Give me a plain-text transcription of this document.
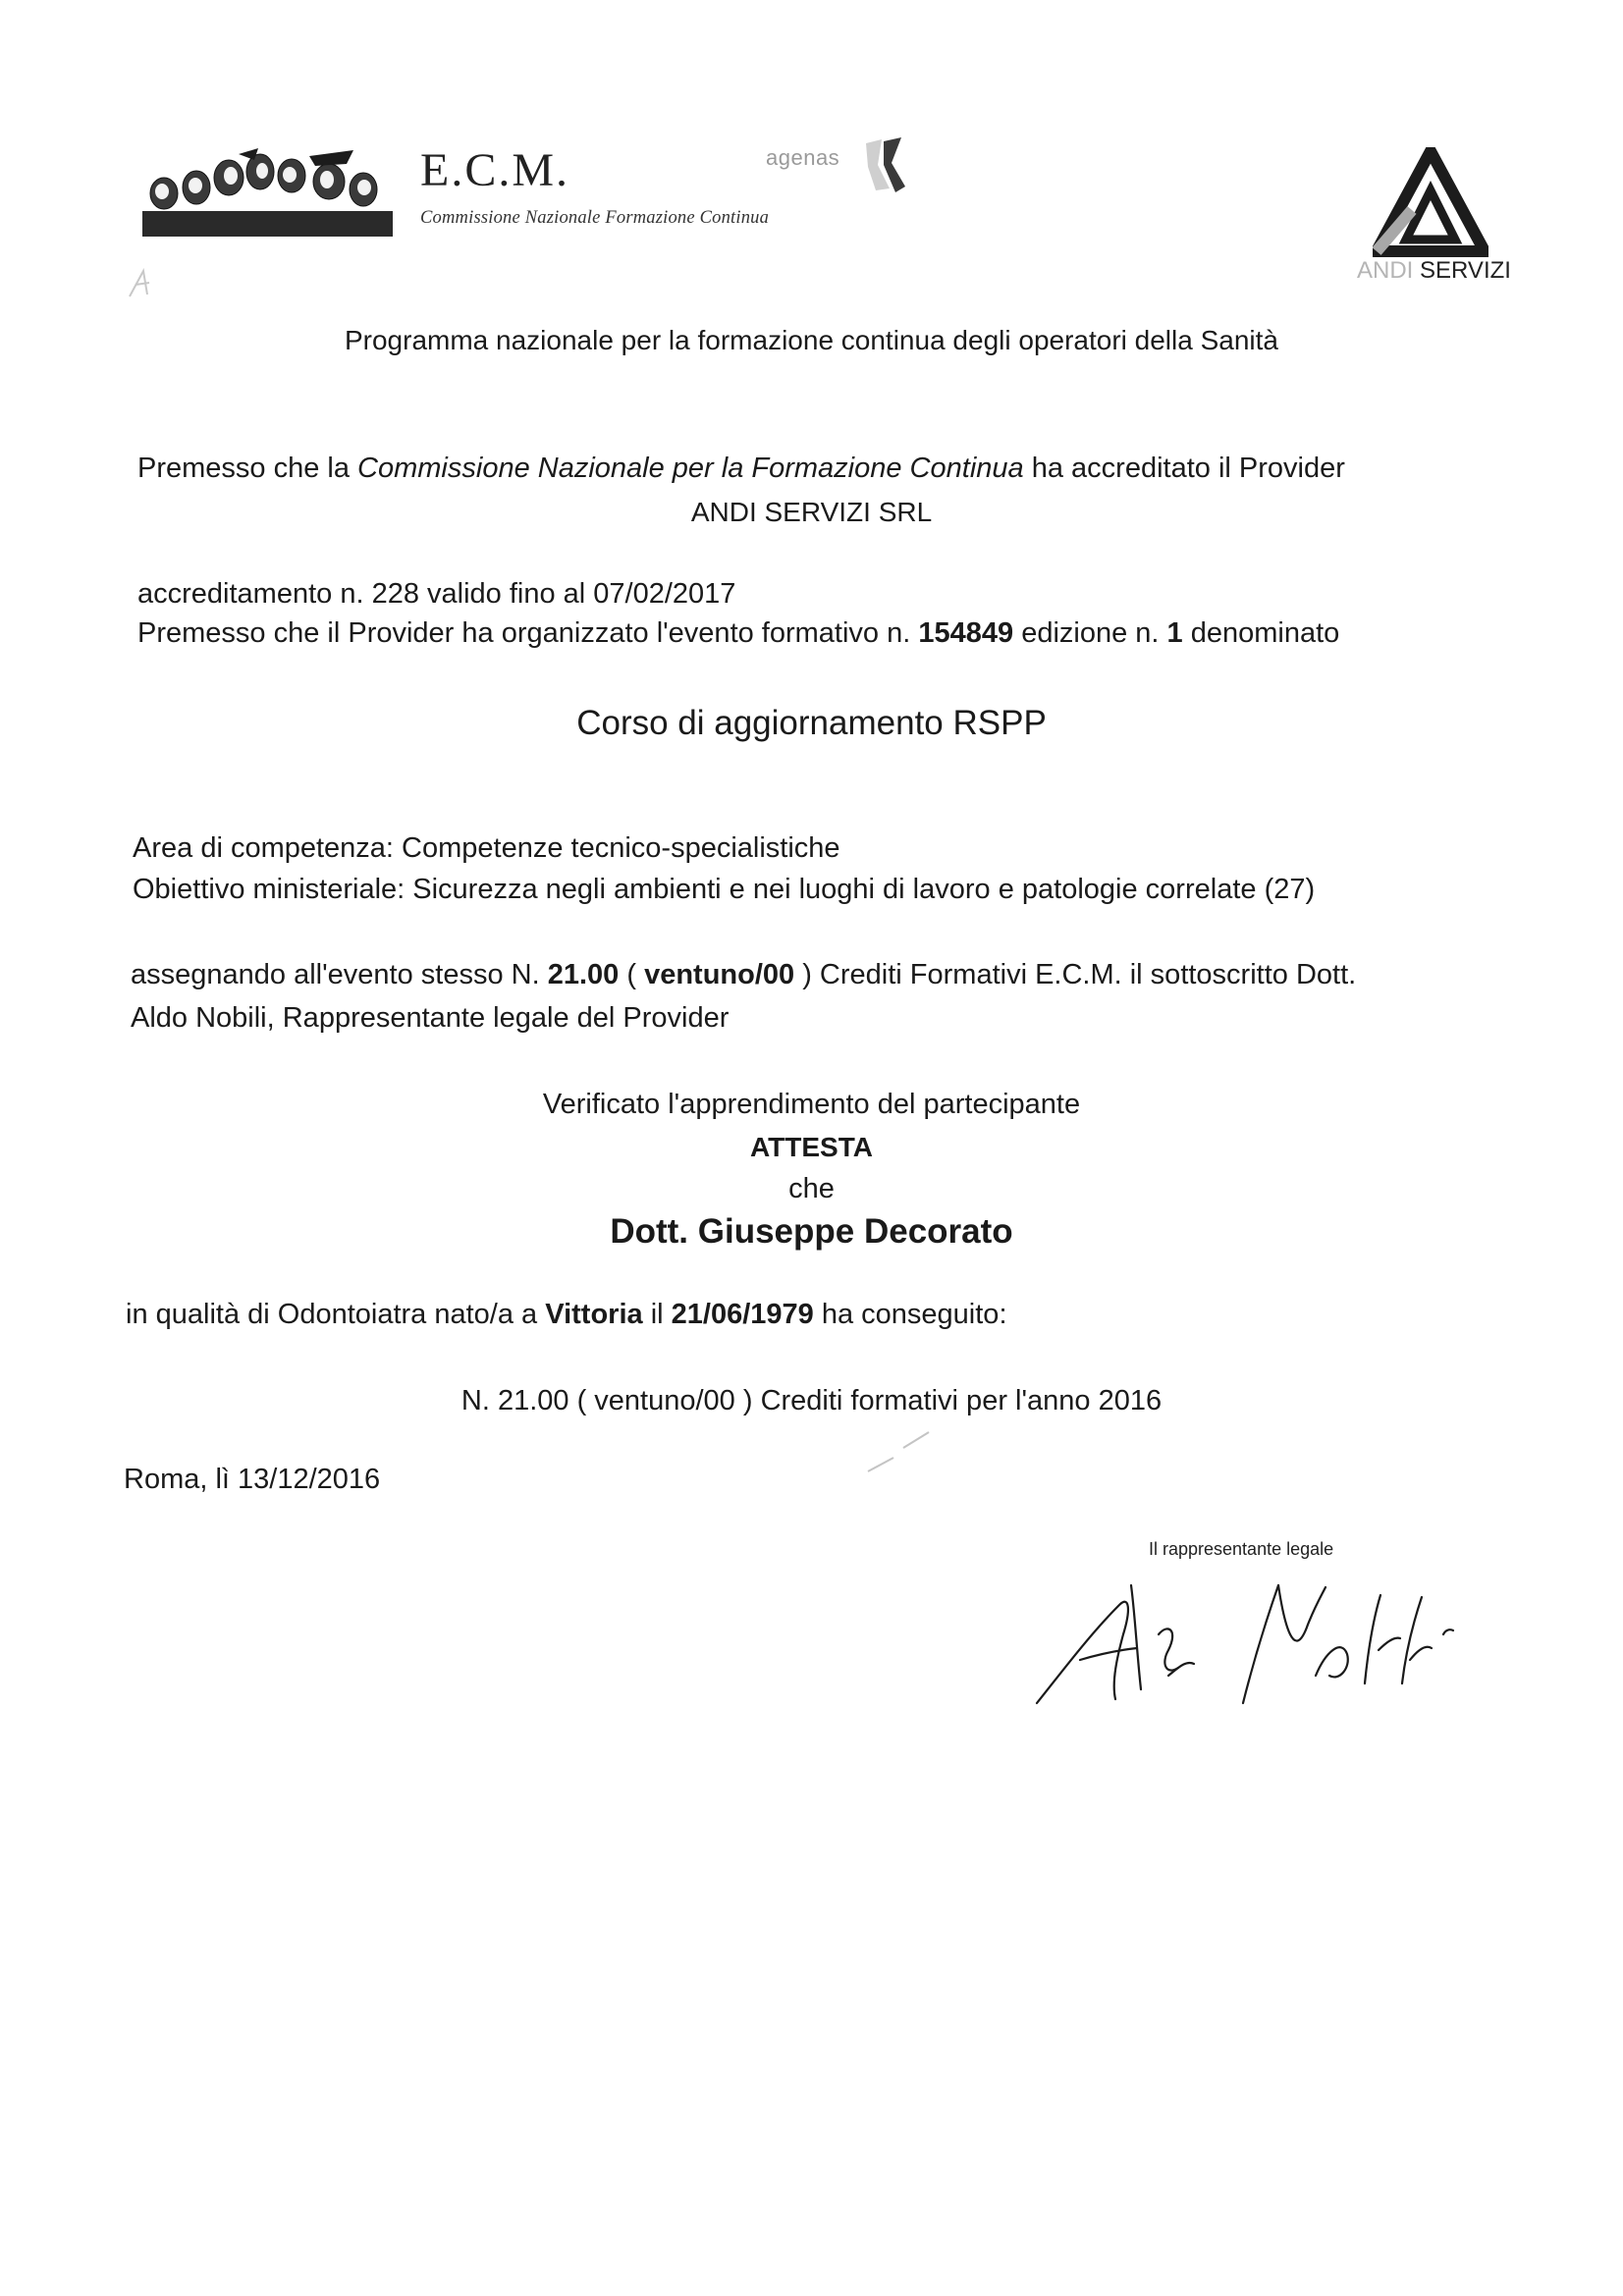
E.C.M.
Commissione Nazionale Formazione Continua
agenas
ANDI SERVIZI
Programma nazionale per la formazione continua degli operatori della Sanità
Premesso che la Commissione Nazionale per la Formazione Continua ha accreditato il Provider
ANDI SERVIZI SRL
accreditamento n. 228 valido fino al 07/02/2017
Premesso che il Provider ha organizzato l'evento formativo n. 154849 edizione n. 1 denominato
Corso di aggiornamento RSPP
Area di competenza: Competenze tecnico-specialistiche
Obiettivo ministeriale: Sicurezza negli ambienti e nei luoghi di lavoro e patologie correlate (27)
assegnando all'evento stesso N. 21.00 ( ventuno/00 ) Crediti Formativi E.C.M. il sottoscritto Dott.
Aldo Nobili, Rappresentante legale del Provider
Verificato l'apprendimento del partecipante
ATTESTA
che
Dott. Giuseppe Decorato
in qualità di Odontoiatra nato/a a Vittoria il 21/06/1979 ha conseguito:
N. 21.00 ( ventuno/00 ) Crediti formativi per l'anno 2016
Roma, lì 13/12/2016
Il rappresentante legale
